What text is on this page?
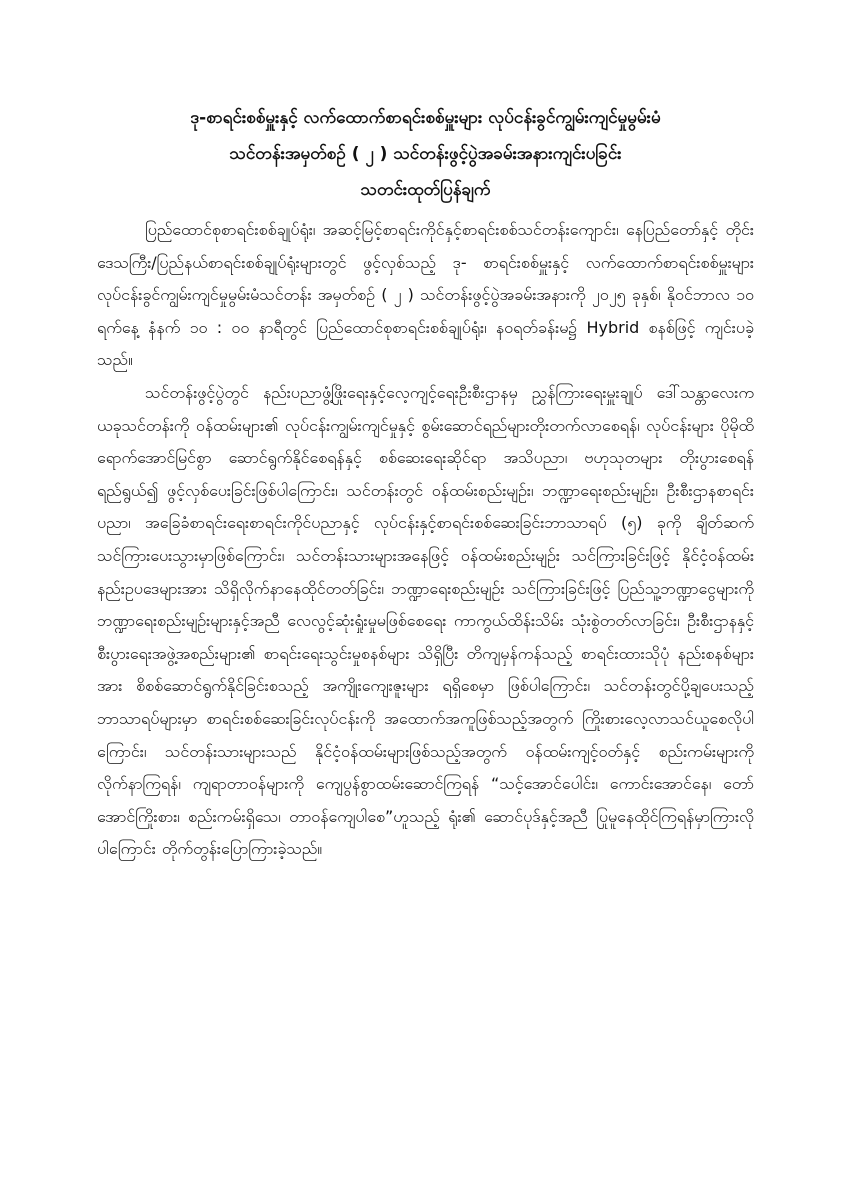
ဒု-စာရင်းစစ်မှူးနှင့် လက်ထောက်စာရင်းစစ်မှူးများ လုပ်ငန်းခွင်ကျွမ်းကျင်မှုမွမ်းမံ
သင်တန်းအမှတ်စဉ် ( ၂ ) သင်တန်းဖွင့်ပွဲအခမ်းအနားကျင်းပခြင်း
သတင်းထုတ်ပြန်ချက်

ပြည်ထောင်စုစာရင်းစစ်ချုပ်ရုံး၊ အဆင့်မြင့်စာရင်းကိုင်နှင့်စာရင်းစစ်သင်တန်းကျောင်း၊ နေပြည်တော်နှင့် တိုင်းဒေသကြီး/ပြည်နယ်စာရင်းစစ်ချုပ်ရုံးများတွင် ဖွင့်လှစ်သည့် ဒု- စာရင်းစစ်မှူးနှင့် လက်ထောက်စာရင်းစစ်မှူးများ လုပ်ငန်းခွင်ကျွမ်းကျင်မှုမွမ်းမံသင်တန်း အမှတ်စဉ် ( ၂ ) သင်တန်းဖွင့်ပွဲအခမ်းအနားကို ၂၀၂၅ ခုနှစ်၊ နိုဝင်ဘာလ ၁၀ ရက်နေ့ နံနက် ၁၀ : ၀၀ နာရီတွင် ပြည်ထောင်စုစာရင်းစစ်ချုပ်ရုံး၊ နဝရတ်ခန်းမ၌ Hybrid စနစ်ဖြင့် ကျင်းပခဲ့သည်။

သင်တန်းဖွင့်ပွဲတွင် နည်းပညာဖွံ့ဖြိုးရေးနှင့်လေ့ကျင့်ရေးဦးစီးဌာနမှ ညွှန်ကြားရေးမှူးချုပ် ဒေါ်သန္တာလေးက ယခုသင်တန်းကို ဝန်ထမ်းများ၏ လုပ်ငန်းကျွမ်းကျင်မှုနှင့် စွမ်းဆောင်ရည်များတိုးတက်လာစေရန်၊ လုပ်ငန်းများ ပိုမိုထိရောက်အောင်မြင်စွာ ဆောင်ရွက်နိုင်စေရန်နှင့် စစ်ဆေးရေးဆိုင်ရာ အသိပညာ၊ ဗဟုသုတများ တိုးပွားစေရန် ရည်ရွယ်၍ ဖွင့်လှစ်ပေးခြင်းဖြစ်ပါကြောင်း၊ သင်တန်းတွင် ဝန်ထမ်းစည်းမျဉ်း၊ ဘဏ္ဍာရေးစည်းမျဉ်း၊ ဦးစီးဌာနစာရင်းပညာ၊ အခြေခံစာရင်းရေးစာရင်းကိုင်ပညာနှင့် လုပ်ငန်းနှင့်စာရင်းစစ်ဆေးခြင်းဘာသာရပ် (၅) ခုကို ချိတ်ဆက်သင်ကြားပေးသွားမှာဖြစ်ကြောင်း၊ သင်တန်းသားများအနေဖြင့် ဝန်ထမ်းစည်းမျဉ်း သင်ကြားခြင်းဖြင့် နိုင်ငံ့ဝန်ထမ်းနည်းဥပဒေများအား သိရှိလိုက်နာနေထိုင်တတ်ခြင်း၊ ဘဏ္ဍာရေးစည်းမျဉ်း သင်ကြားခြင်းဖြင့် ပြည်သူ့ဘဏ္ဍာငွေများကို ဘဏ္ဍာရေးစည်းမျဉ်းများနှင့်အညီ လေလွင့်ဆုံးရှုံးမှုမဖြစ်စေရေး ကာကွယ်ထိန်းသိမ်း သုံးစွဲတတ်လာခြင်း၊ ဦးစီးဌာနနှင့်စီးပွားရေးအဖွဲ့အစည်းများ၏ စာရင်းရေးသွင်းမှုစနစ်များ သိရှိပြီး တိကျမှန်ကန်သည့် စာရင်းထားသိုပုံ နည်းစနစ်များအား စိစစ်ဆောင်ရွက်နိုင်ခြင်းစသည့် အကျိုးကျေးဇူးများ ရရှိစေမှာ ဖြစ်ပါကြောင်း၊ သင်တန်းတွင်ပို့ချပေးသည့် ဘာသာရပ်များမှာ စာရင်းစစ်ဆေးခြင်းလုပ်ငန်းကို အထောက်အကူဖြစ်သည့်အတွက် ကြိုးစားလေ့လာသင်ယူစေလိုပါကြောင်း၊ သင်တန်းသားများသည် နိုင်ငံ့ဝန်ထမ်းများဖြစ်သည့်အတွက် ဝန်ထမ်းကျင့်ဝတ်နှင့် စည်းကမ်းများကို လိုက်နာကြရန်၊ ကျရာတာဝန်များကို ကျေပွန်စွာထမ်းဆောင်ကြရန် “သင့်အောင်ပေါင်း၊ ကောင်းအောင်နေ၊ တော်အောင်ကြိုးစား၊ စည်းကမ်းရှိသေ၊ တာဝန်ကျေပါစေ”ဟူသည့် ရုံး၏ ဆောင်ပုဒ်နှင့်အညီ ပြုမူနေထိုင်ကြရန်မှာကြားလိုပါကြောင်း တိုက်တွန်းပြောကြားခဲ့သည်။
